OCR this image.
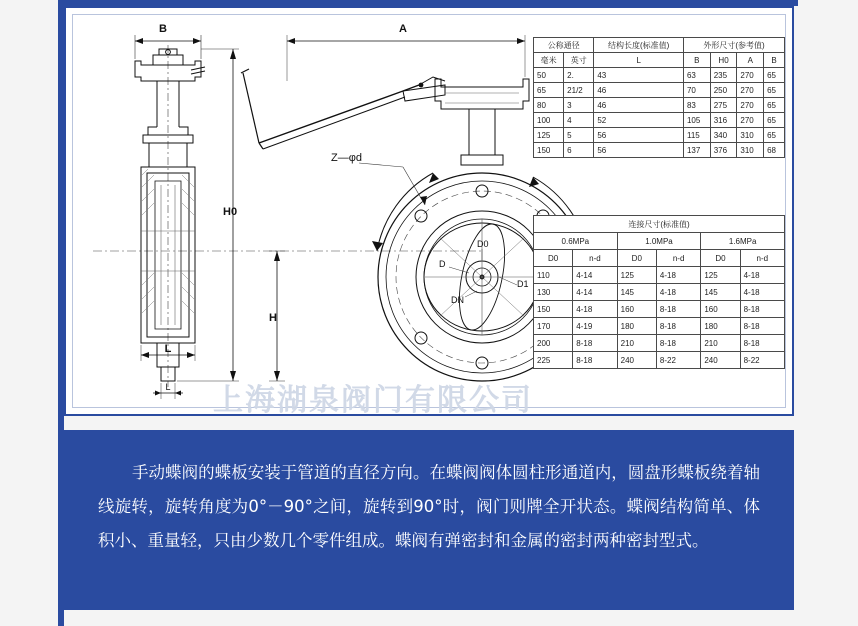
B	A
H0
H
L
L
Z—φd
D
D1
DN
D0
公称通径		结构长度(标准值)	外形尺寸(参考值)			
毫米	英寸	L	B	H0	A	B
50	2.	43	63	235	270	65
65	21/2	46	70	250	270	65
80	3	46	83	275	270	65
100	4	52	105	316	270	65
125	5	56	115	340	310	65
150	6	56	137	376	310	68
连接尺寸(标准值)					
0.6MPa		1.0MPa		1.6MPa	
D0	n-d	D0	n-d	D0	n-d
110	4-14	125	4-18	125	4-18
130	4-14	145	4-18	145	4-18
150	4-18	160	8-18	160	8-18
170	4-19	180	8-18	180	8-18
200	8-18	210	8-18	210	8-18
225	8-18	240	8-22	240	8-22
上海湖泉阀门有限公司

手动蝶阀的蝶板安装于管道的直径方向。在蝶阀阀体圆柱形通道内，圆盘形蝶板绕着轴线旋转，旋转角度为0°－90°之间，旋转到90°时，阀门则牌全开状态。蝶阀结构简单、体积小、重量轻，只由少数几个零件组成。蝶阀有弹密封和金属的密封两种密封型式。
